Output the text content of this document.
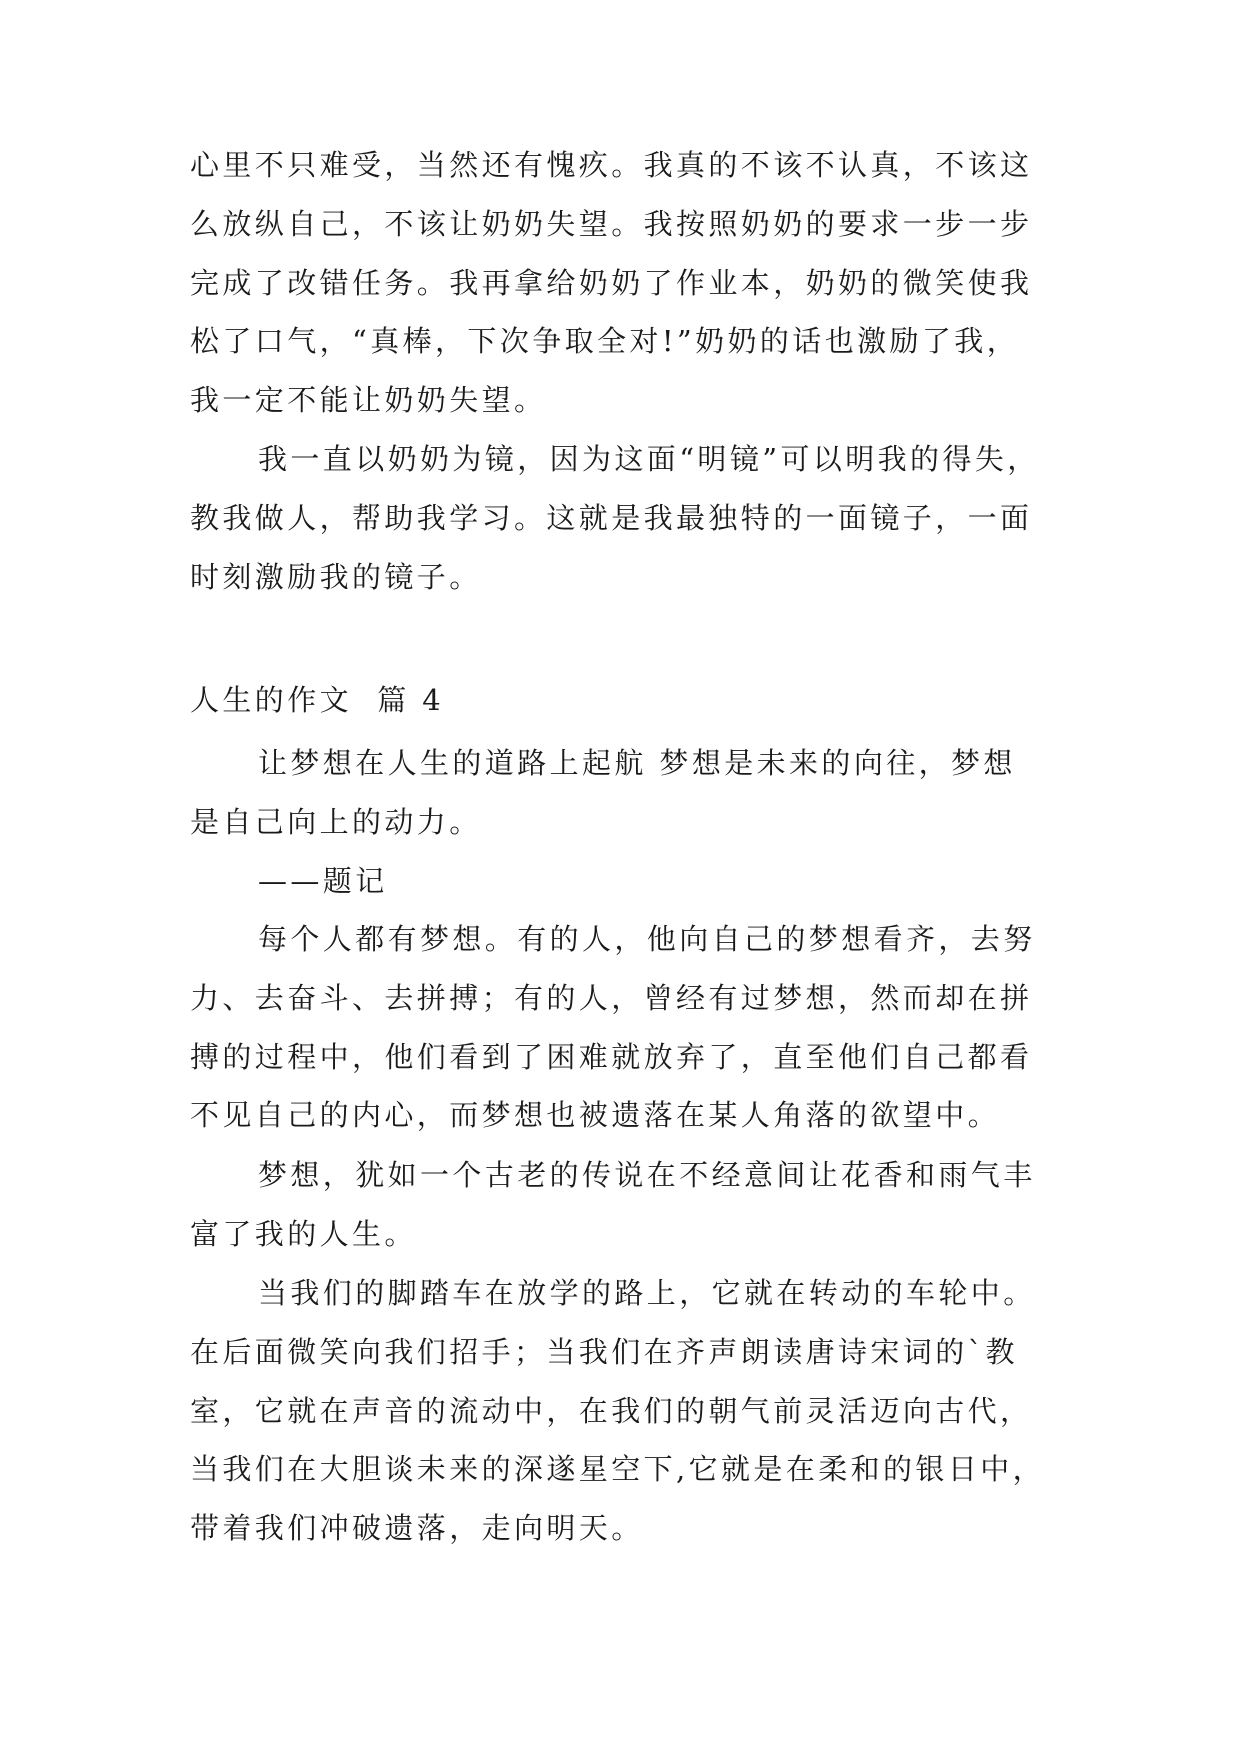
心里不只难受，当然还有愧疚。我真的不该不认真，不该这
么放纵自己，不该让奶奶失望。我按照奶奶的要求一步一步
完成了改错任务。我再拿给奶奶了作业本，奶奶的微笑使我
松了口气，“真棒，下次争取全对!”奶奶的话也激励了我，
我一定不能让奶奶失望。
我一直以奶奶为镜，因为这面“明镜”可以明我的得失，
教我做人，帮助我学习。这就是我最独特的一面镜子，一面
时刻激励我的镜子。
人生的作文  篇 4
让梦想在人生的道路上起航 梦想是未来的向往，梦想
是自己向上的动力。
——题记
每个人都有梦想。有的人，他向自己的梦想看齐，去努
力、去奋斗、去拼搏；有的人，曾经有过梦想，然而却在拼
搏的过程中，他们看到了困难就放弃了，直至他们自己都看
不见自己的内心，而梦想也被遗落在某人角落的欲望中。
梦想，犹如一个古老的传说在不经意间让花香和雨气丰
富了我的人生。
当我们的脚踏车在放学的路上，它就在转动的车轮中。
在后面微笑向我们招手；当我们在齐声朗读唐诗宋词的`教
室，它就在声音的流动中，在我们的朝气前灵活迈向古代，
当我们在大胆谈未来的深遂星空下,它就是在柔和的银日中，
带着我们冲破遗落，走向明天。
